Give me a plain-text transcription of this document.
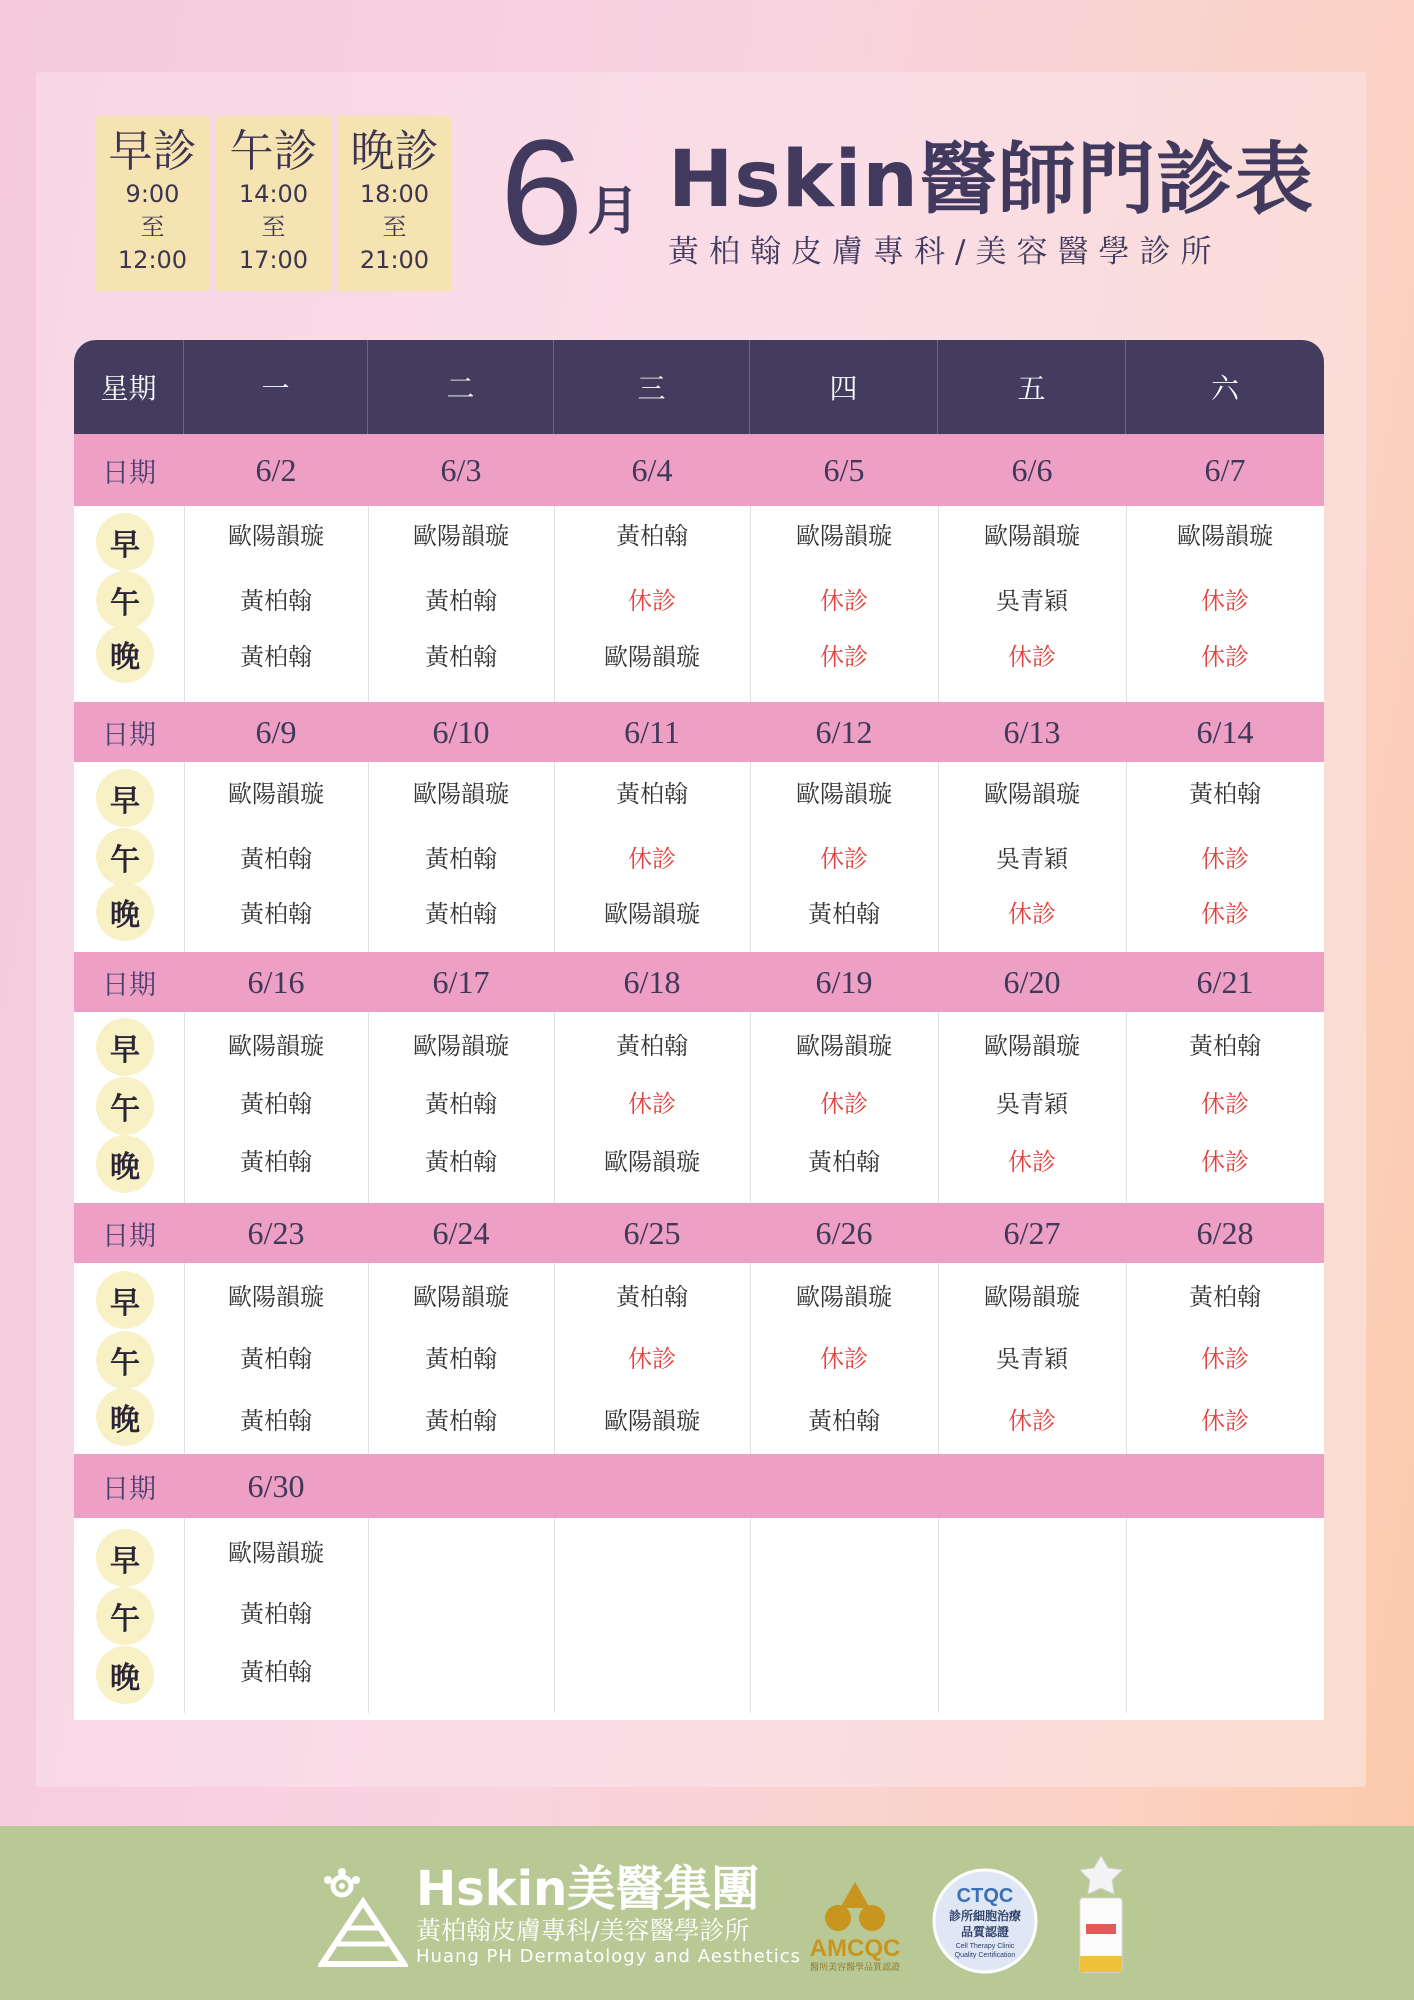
早診
9:00
至
12:00
午診
14:00
至
17:00
晚診
18:00
至
21:00 6 月 Hskin醫師門診表
黃柏翰皮膚專科/美容醫學診所
星期	一	二	三	四	五	六
日期	6/2	6/3	6/4	6/5	6/6	6/7
早	歐陽韻璇	歐陽韻璇	黃柏翰	歐陽韻璇	歐陽韻璇	歐陽韻璇
午	黃柏翰	黃柏翰	休診	休診	吳青穎	休診
晚	黃柏翰	黃柏翰	歐陽韻璇	休診	休診	休診
日期	6/9	6/10	6/11	6/12	6/13	6/14
早	歐陽韻璇	歐陽韻璇	黃柏翰	歐陽韻璇	歐陽韻璇	黃柏翰
午	黃柏翰	黃柏翰	休診	休診	吳青穎	休診
晚	黃柏翰	黃柏翰	歐陽韻璇	黃柏翰	休診	休診
日期	6/16	6/17	6/18	6/19	6/20	6/21
早	歐陽韻璇	歐陽韻璇	黃柏翰	歐陽韻璇	歐陽韻璇	黃柏翰
午	黃柏翰	黃柏翰	休診	休診	吳青穎	休診
晚	黃柏翰	黃柏翰	歐陽韻璇	黃柏翰	休診	休診
日期	6/23	6/24	6/25	6/26	6/27	6/28
早	歐陽韻璇	歐陽韻璇	黃柏翰	歐陽韻璇	歐陽韻璇	黃柏翰
午	黃柏翰	黃柏翰	休診	休診	吳青穎	休診
晚	黃柏翰	黃柏翰	歐陽韻璇	黃柏翰	休診	休診
日期	6/30
早	歐陽韻璇
午	黃柏翰
晚	黃柏翰
Hskin美醫集團
黃柏翰皮膚專科/美容醫學診所
Huang PH Dermatology and Aesthetics AMCQC
醫所美容醫學品質認證
CTQC
診所細胞治療
品質認證
Cell Therapy Clinic
Quality Certification
